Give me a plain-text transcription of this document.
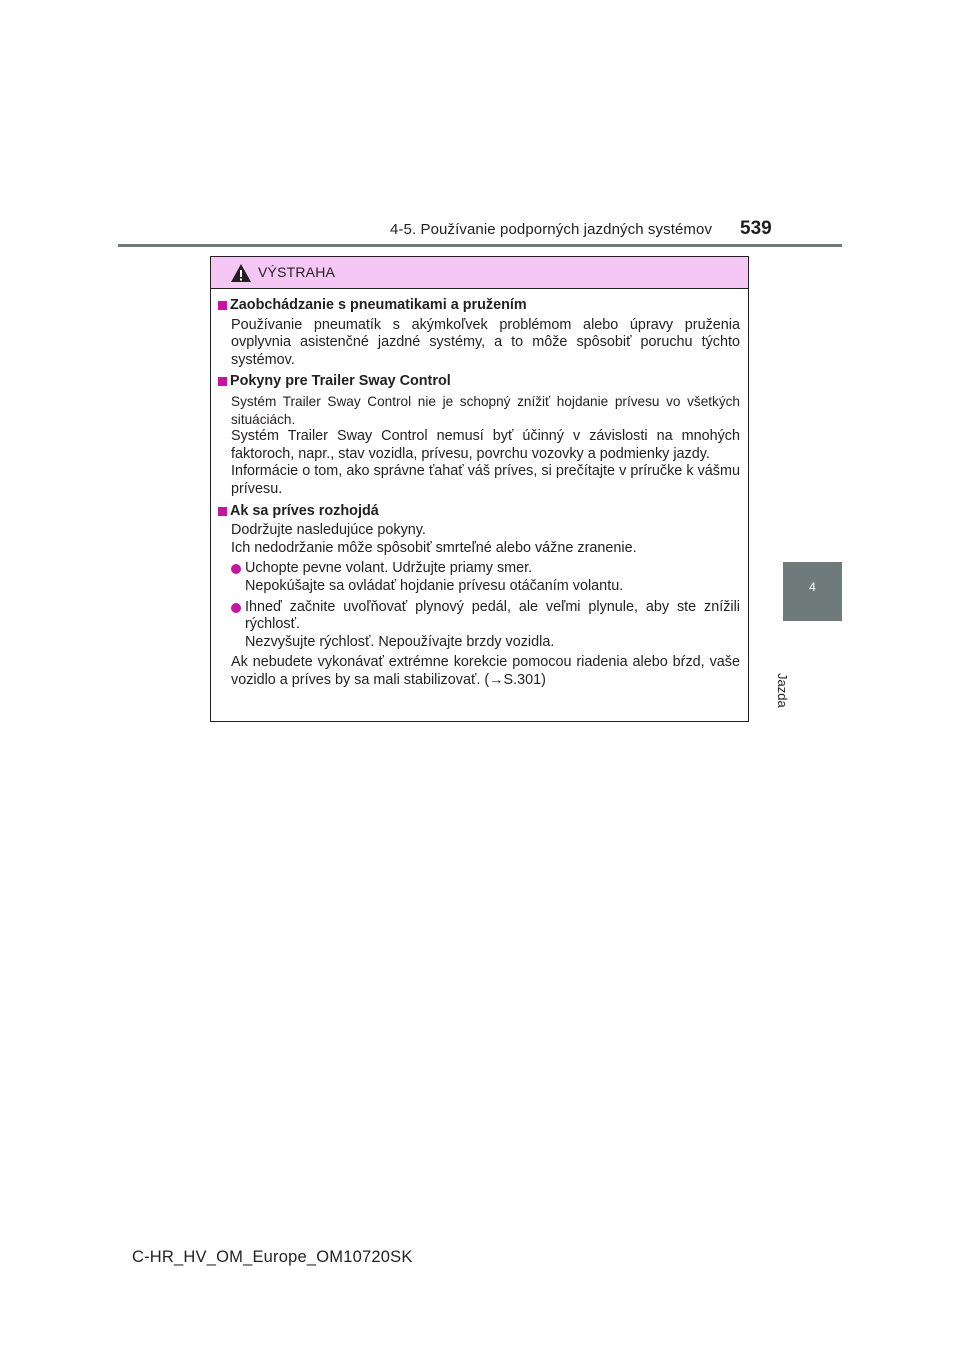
4-5. Používanie podporných jazdných systémov 539
4
Jazda
VÝSTRAHA
Zaobchádzanie s pneumatikami a pružením
Používanie pneumatík s akýmkoľvek problémom alebo úpravy pruženia ovplyvnia asistenčné jazdné systémy, a to môže spôsobiť poruchu týchto systémov.
Pokyny pre Trailer Sway Control
Systém Trailer Sway Control nie je schopný znížiť hojdanie prívesu vo všetkých situáciách.
Systém Trailer Sway Control nemusí byť účinný v závislosti na mnohých faktoroch, napr., stav vozidla, prívesu, povrchu vozovky a podmienky jazdy.
Informácie o tom, ako správne ťahať váš príves, si prečítajte v príručke k vášmu prívesu.
Ak sa príves rozhojdá
Dodržujte nasledujúce pokyny.
Ich nedodržanie môže spôsobiť smrteľné alebo vážne zranenie.
Uchopte pevne volant. Udržujte priamy smer.
Nepokúšajte sa ovládať hojdanie prívesu otáčaním volantu.
Ihneď začnite uvoľňovať plynový pedál, ale veľmi plynule, aby ste znížili rýchlosť.
Nezvyšujte rýchlosť. Nepoužívajte brzdy vozidla.
Ak nebudete vykonávať extrémne korekcie pomocou riadenia alebo bŕzd, vaše vozidlo a príves by sa mali stabilizovať. (→S.301)
C-HR_HV_OM_Europe_OM10720SK
